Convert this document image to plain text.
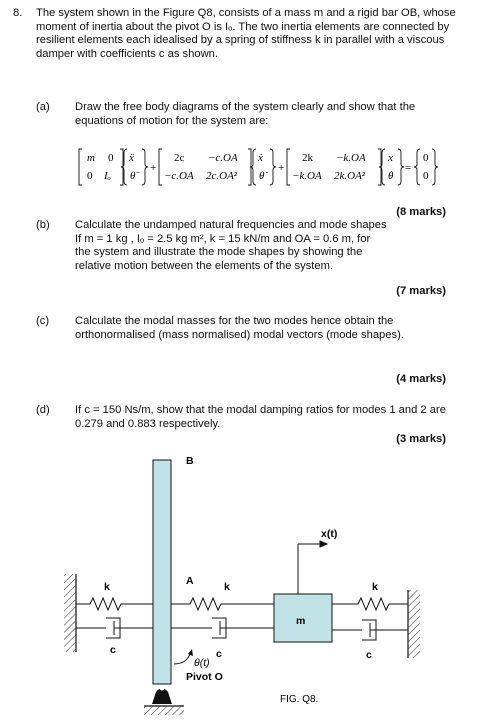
8. The system shown in the Figure Q8, consists of a mass m and a rigid bar OB, whose moment of inertia about the pivot O is Iₒ. The two inertia elements are connected by resilient elements each idealised by a spring of stiffness k in parallel with a viscous damper with coefficients c as shown.
(a) Draw the free body diagrams of the system clearly and show that the equations of motion for the system are:
m 0
0 Iₒ
ẍ
θ̈
+
2c −c.OA
−c.OA 2c.OA²
ẋ
θ̇
+
2k −k.OA
−k.OA 2k.OA²
x
θ
=
0
0
(8 marks)
(b) Calculate the undamped natural frequencies and mode shapes
If m = 1 kg , Iₒ = 2.5 kg m², k = 15 kN/m and OA = 0.6 m, for
the system and illustrate the mode shapes by showing the
relative motion between the elements of the system.
(7 marks)
(c) Calculate the modal masses for the two modes hence obtain the orthonormalised (mass normalised) modal vectors (mode shapes).
(4 marks)
(d) If c = 150 Ns/m, show that the modal damping ratios for modes 1 and 2 are 0.279 and 0.883 respectively.
(3 marks)
B
A
m
x(t)
k
c
k
c
k
c
θ(t)
Pivot O
FIG. Q8.
